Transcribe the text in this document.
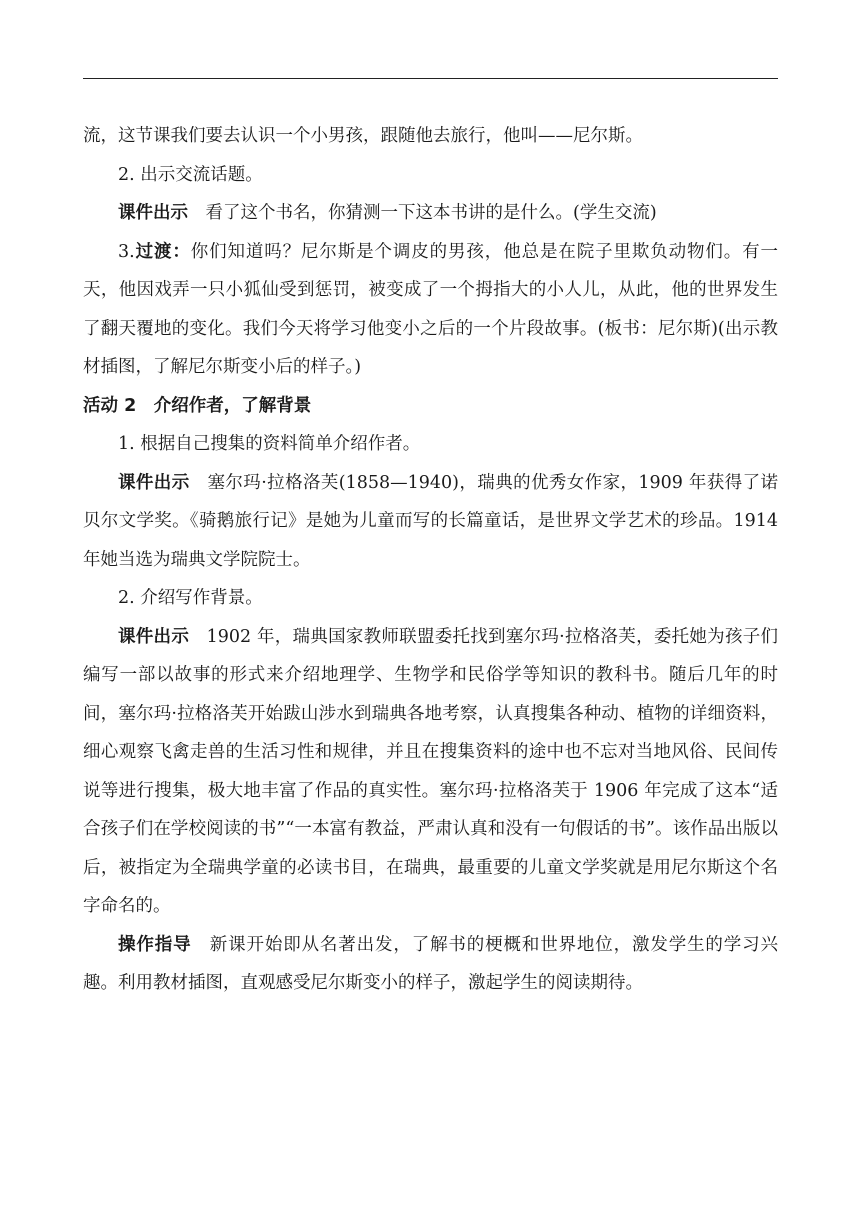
流，这节课我们要去认识一个小男孩，跟随他去旅行，他叫——尼尔斯。

2. 出示交流话题。

课件出示 看了这个书名，你猜测一下这本书讲的是什么。(学生交流)

3.过渡：你们知道吗？尼尔斯是个调皮的男孩，他总是在院子里欺负动物们。有一天，他因戏弄一只小狐仙受到惩罚，被变成了一个拇指大的小人儿，从此，他的世界发生了翻天覆地的变化。我们今天将学习他变小之后的一个片段故事。(板书：尼尔斯)(出示教材插图，了解尼尔斯变小后的样子。)

活动 2 介绍作者，了解背景

1. 根据自己搜集的资料简单介绍作者。

课件出示 塞尔玛·拉格洛芙(1858—1940)，瑞典的优秀女作家，1909 年获得了诺贝尔文学奖。《骑鹅旅行记》是她为儿童而写的长篇童话，是世界文学艺术的珍品。1914 年她当选为瑞典文学院院士。

2. 介绍写作背景。

课件出示 1902 年，瑞典国家教师联盟委托找到塞尔玛·拉格洛芙，委托她为孩子们编写一部以故事的形式来介绍地理学、生物学和民俗学等知识的教科书。随后几年的时间，塞尔玛·拉格洛芙开始跋山涉水到瑞典各地考察，认真搜集各种动、植物的详细资料，细心观察飞禽走兽的生活习性和规律，并且在搜集资料的途中也不忘对当地风俗、民间传说等进行搜集，极大地丰富了作品的真实性。塞尔玛·拉格洛芙于 1906 年完成了这本“适合孩子们在学校阅读的书”“一本富有教益，严肃认真和没有一句假话的书”。该作品出版以后，被指定为全瑞典学童的必读书目，在瑞典，最重要的儿童文学奖就是用尼尔斯这个名字命名的。

操作指导 新课开始即从名著出发，了解书的梗概和世界地位，激发学生的学习兴趣。利用教材插图，直观感受尼尔斯变小的样子，激起学生的阅读期待。
